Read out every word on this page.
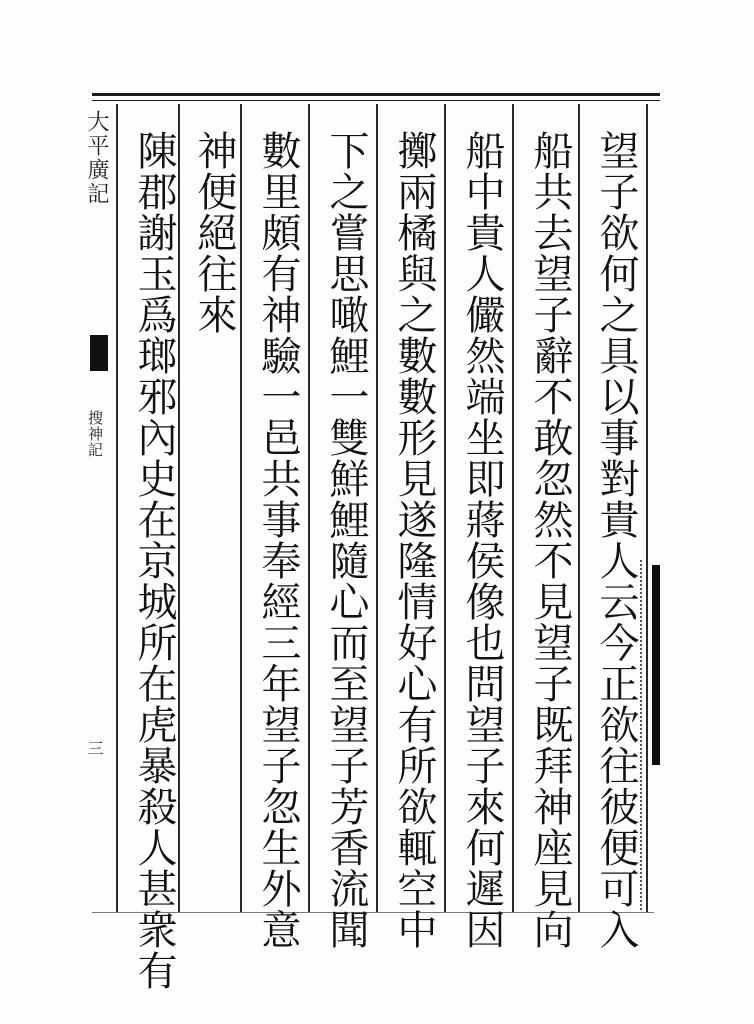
望子欲何之具以事對貴人云今正欲往彼便可入
船共去望子辭不敢忽然不見望子既拜神座見向
船中貴人儼然端坐即蔣侯像也問望子來何遲因
擲兩橘與之數數形見遂隆情好心有所欲輒空中
下之嘗思噉鯉一雙鮮鯉隨心而至望子芳香流聞
數里頗有神驗一邑共事奉經三年望子忽生外意
神便絕往來
陳郡謝玉爲瑯邪內史在京城所在虎暴殺人甚衆有
大平廣記
搜神記
三
